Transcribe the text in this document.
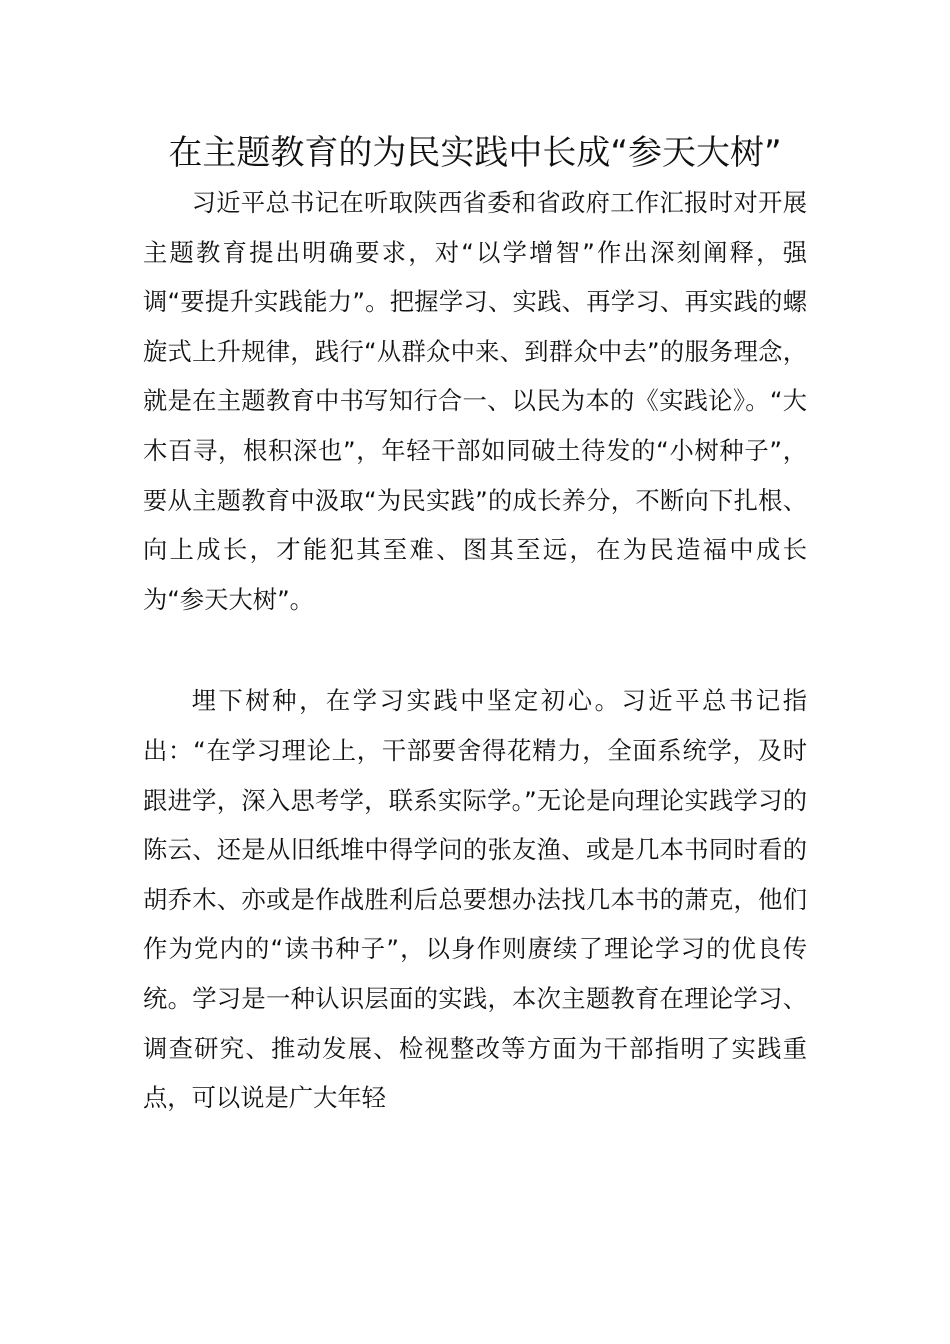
在主题教育的为民实践中长成“参天大树”

习近平总书记在听取陕西省委和省政府工作汇报时对开展主题教育提出明确要求，对“以学增智”作出深刻阐释，强调“要提升实践能力”。把握学习、实践、再学习、再实践的螺旋式上升规律，践行“从群众中来、到群众中去”的服务理念，就是在主题教育中书写知行合一、以民为本的《实践论》。“大木百寻，根积深也”，年轻干部如同破土待发的“小树种子”，要从主题教育中汲取“为民实践”的成长养分，不断向下扎根、向上成长，才能犯其至难、图其至远，在为民造福中成长为“参天大树”。

埋下树种，在学习实践中坚定初心。习近平总书记指出：“在学习理论上，干部要舍得花精力，全面系统学，及时跟进学，深入思考学，联系实际学。”无论是向理论实践学习的陈云、还是从旧纸堆中得学问的张友渔、或是几本书同时看的胡乔木、亦或是作战胜利后总要想办法找几本书的萧克，他们作为党内的“读书种子”，以身作则赓续了理论学习的优良传统。学习是一种认识层面的实践，本次主题教育在理论学习、调查研究、推动发展、检视整改等方面为干部指明了实践重点，可以说是广大年轻
